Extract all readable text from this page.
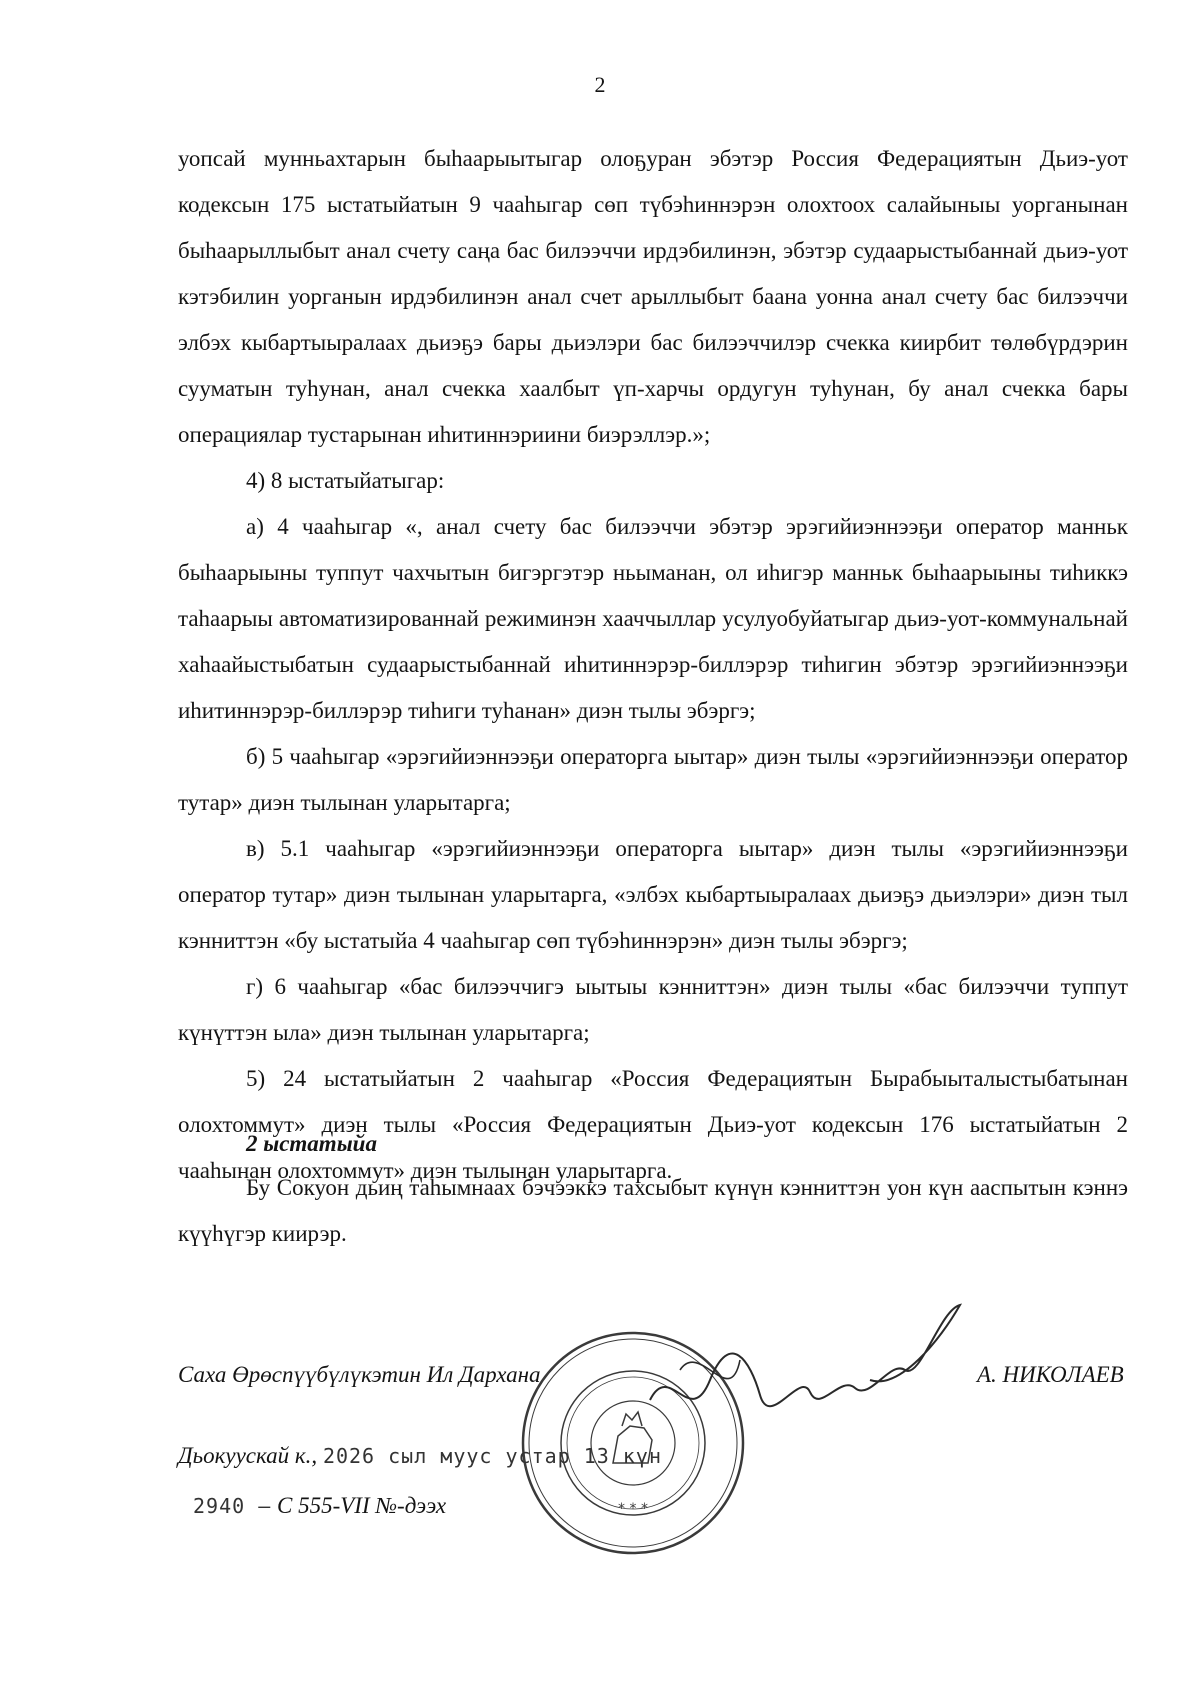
2

уопсай мунньахтарын быhаарыытыгар олоҕуран эбэтэр Россия Федерациятын Дьиэ-уот кодексын 175 ыстатыйатын 9 чааhыгар сөп түбэhиннэрэн олохтоох салайыныы уорганынан быhаарыллыбыт анал счету саңа бас билээччи ирдэбилинэн, эбэтэр судаарыстыбаннай дьиэ-уот кэтэбилин уорганын ирдэбилинэн анал счет арыллыбыт баана уонна анал счету бас билээччи элбэх кыбартыыралаах дьиэҕэ бары дьиэлэри бас билээччилэр счекка киирбит төлөбүрдэрин сууматын туhунан, анал счекка хаалбыт үп-харчы ордугун туhунан, бу анал счекка бары операциялар тустарынан иhитиннэриини биэрэллэр.»;

4) 8 ыстатыйатыгар:

а) 4 чааhыгар «, анал счету бас билээччи эбэтэр эрэгийиэннээҕи оператор манньк быhаарыыны туппут чахчытын бигэргэтэр ньыманан, ол иhигэр манньк быhаарыыны тиhиккэ таhаарыы автоматизированнай режиминэн хааччыллар усулуобуйатыгар дьиэ-уот-коммунальнай хаhаайыстыбатын судаарыстыбаннай иhитиннэрэр-биллэрэр тиhигин эбэтэр эрэгийиэннээҕи иhитиннэрэр-биллэрэр тиhиги туhанан» диэн тылы эбэргэ;

б) 5 чааhыгар «эрэгийиэннээҕи операторга ыытар» диэн тылы «эрэгийиэннээҕи оператор тутар» диэн тылынан уларытарга;

в) 5.1 чааhыгар «эрэгийиэннээҕи операторга ыытар» диэн тылы «эрэгийиэннээҕи оператор тутар» диэн тылынан уларытарга, «элбэх кыбартыыралаах дьиэҕэ дьиэлэри» диэн тыл кэнниттэн «бу ыстатыйа 4 чааhыгар сөп түбэhиннэрэн» диэн тылы эбэргэ;

г) 6 чааhыгар «бас билээччигэ ыытыы кэнниттэн» диэн тылы «бас билээччи туппут күнүттэн ыла» диэн тылынан уларытарга;

5) 24 ыстатыйатын 2 чааhыгар «Россия Федерациятын Бырабыыталыстыбатынан олохтоммут» диэн тылы «Россия Федерациятын Дьиэ-уот кодексын 176 ыстатыйатын 2 чааhынан олохтоммут» диэн тылынан уларытарга.

2 ыстатыйа

Бу Сокуон дьиң таhымнаах бэчээккэ тахсыбыт күнүн кэнниттэн уон күн ааспытын кэннэ күүhүгэр киирэр.

* * *
Саха Өрөспүүбүлүкэтин Ил Дархана	А. НИКОЛАЕВ
Дьокуускай к., 2026 сыл муус устар 13 күн
2940 – С 555-VII №-дээх
